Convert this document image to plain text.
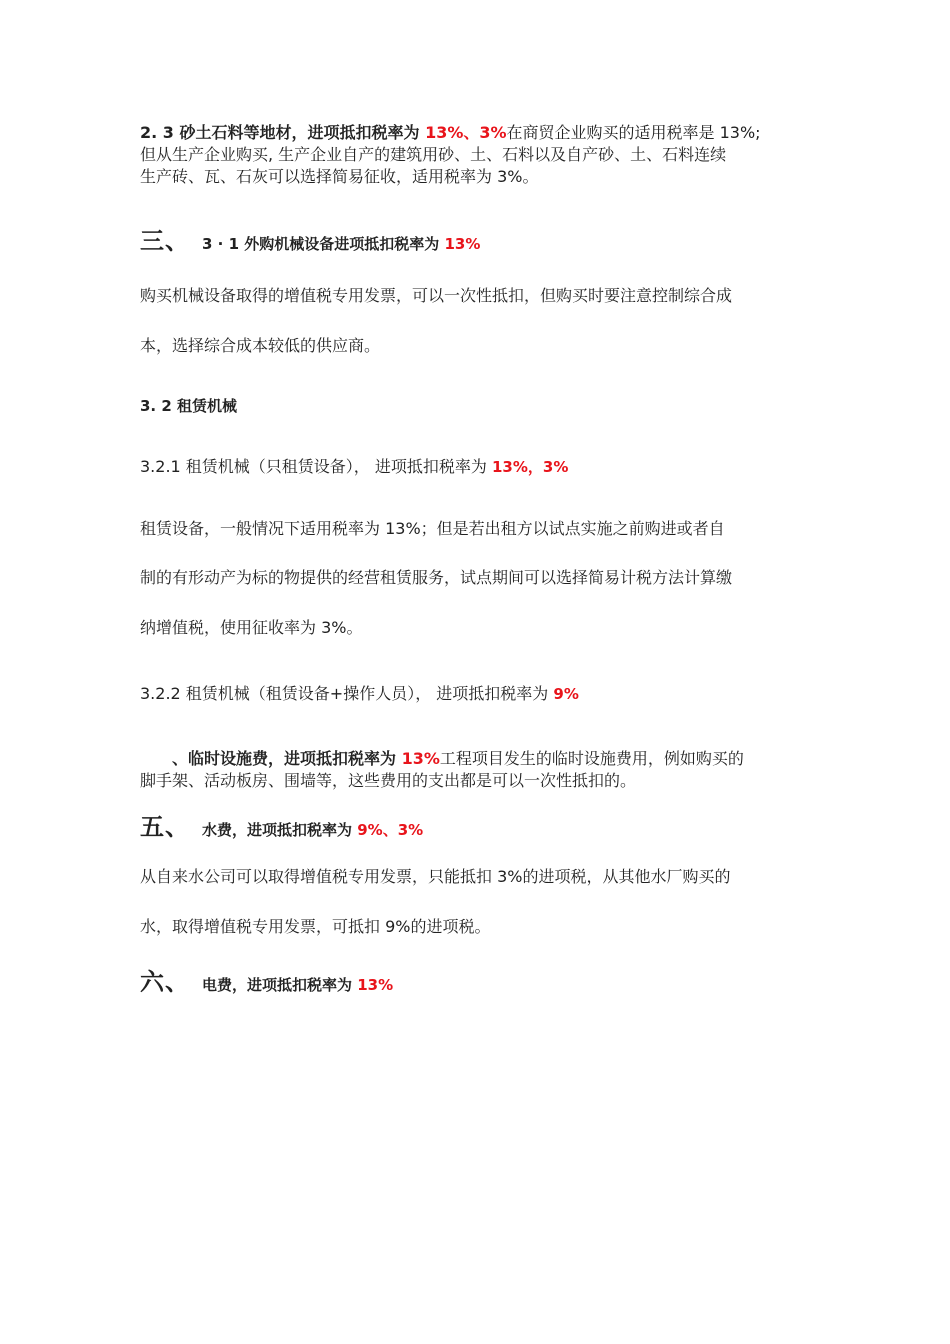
2. 3 砂土石料等地材，进项抵扣税率为 13%、3%在商贸企业购买的适用税率是 13%;
但从生产企业购买, 生产企业自产的建筑用砂、土、石料以及自产砂、土、石料连续
生产砖、瓦、石灰可以选择简易征收，适用税率为 3%。
三、 3 · 1 外购机械设备进项抵扣税率为 13%
购买机械设备取得的增值税专用发票，可以一次性抵扣，但购买时要注意控制综合成
本，选择综合成本较低的供应商。
3. 2 租赁机械
3.2.1 租赁机械（只租赁设备）， 进项抵扣税率为 13%，3%
租赁设备，一般情况下适用税率为 13%；但是若出租方以试点实施之前购进或者自
制的有形动产为标的物提供的经营租赁服务，试点期间可以选择简易计税方法计算缴
纳增值税，使用征收率为 3%。
3.2.2 租赁机械（租赁设备+操作人员）， 进项抵扣税率为 9%
、临时设施费，进项抵扣税率为 13%工程项目发生的临时设施费用，例如购买的
脚手架、活动板房、围墙等，这些费用的支出都是可以一次性抵扣的。
五、 水费，进项抵扣税率为 9%、3%
从自来水公司可以取得增值税专用发票，只能抵扣 3%的进项税，从其他水厂购买的
水，取得增值税专用发票，可抵扣 9%的进项税。
六、 电费，进项抵扣税率为 13%
